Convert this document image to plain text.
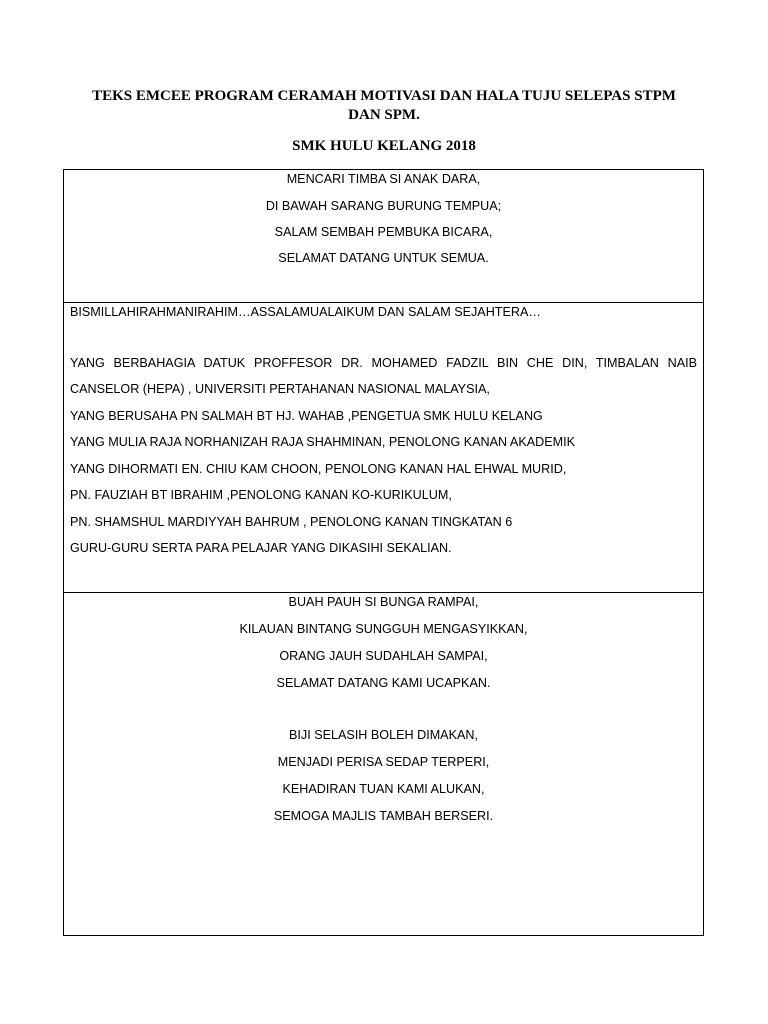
TEKS EMCEE PROGRAM CERAMAH MOTIVASI DAN HALA TUJU SELEPAS STPM
DAN SPM.
SMK HULU KELANG 2018
MENCARI TIMBA SI ANAK DARA,
DI BAWAH SARANG BURUNG TEMPUA;
SALAM SEMBAH PEMBUKA BICARA,
SELAMAT DATANG UNTUK SEMUA.
BISMILLAHIRAHMANIRAHIM…ASSALAMUALAIKUM DAN SALAM SEJAHTERA…
YANG BERBAHAGIA DATUK PROFFESOR DR. MOHAMED FADZIL BIN CHE DIN, TIMBALAN NAIB
CANSELOR (HEPA) , UNIVERSITI PERTAHANAN NASIONAL MALAYSIA,
YANG BERUSAHA PN SALMAH BT HJ. WAHAB ,PENGETUA SMK HULU KELANG
YANG MULIA RAJA NORHANIZAH RAJA SHAHMINAN, PENOLONG KANAN AKADEMIK
YANG DIHORMATI EN. CHIU KAM CHOON, PENOLONG KANAN HAL EHWAL MURID,
PN. FAUZIAH BT IBRAHIM ,PENOLONG KANAN KO-KURIKULUM,
PN. SHAMSHUL MARDIYYAH BAHRUM , PENOLONG KANAN TINGKATAN 6
GURU-GURU SERTA PARA PELAJAR YANG DIKASIHI SEKALIAN.
BUAH PAUH SI BUNGA RAMPAI,
KILAUAN BINTANG SUNGGUH MENGASYIKKAN,
ORANG JAUH SUDAHLAH SAMPAI,
SELAMAT DATANG KAMI UCAPKAN.
BIJI SELASIH BOLEH DIMAKAN,
MENJADI PERISA SEDAP TERPERI,
KEHADIRAN TUAN KAMI ALUKAN,
SEMOGA MAJLIS TAMBAH BERSERI.
